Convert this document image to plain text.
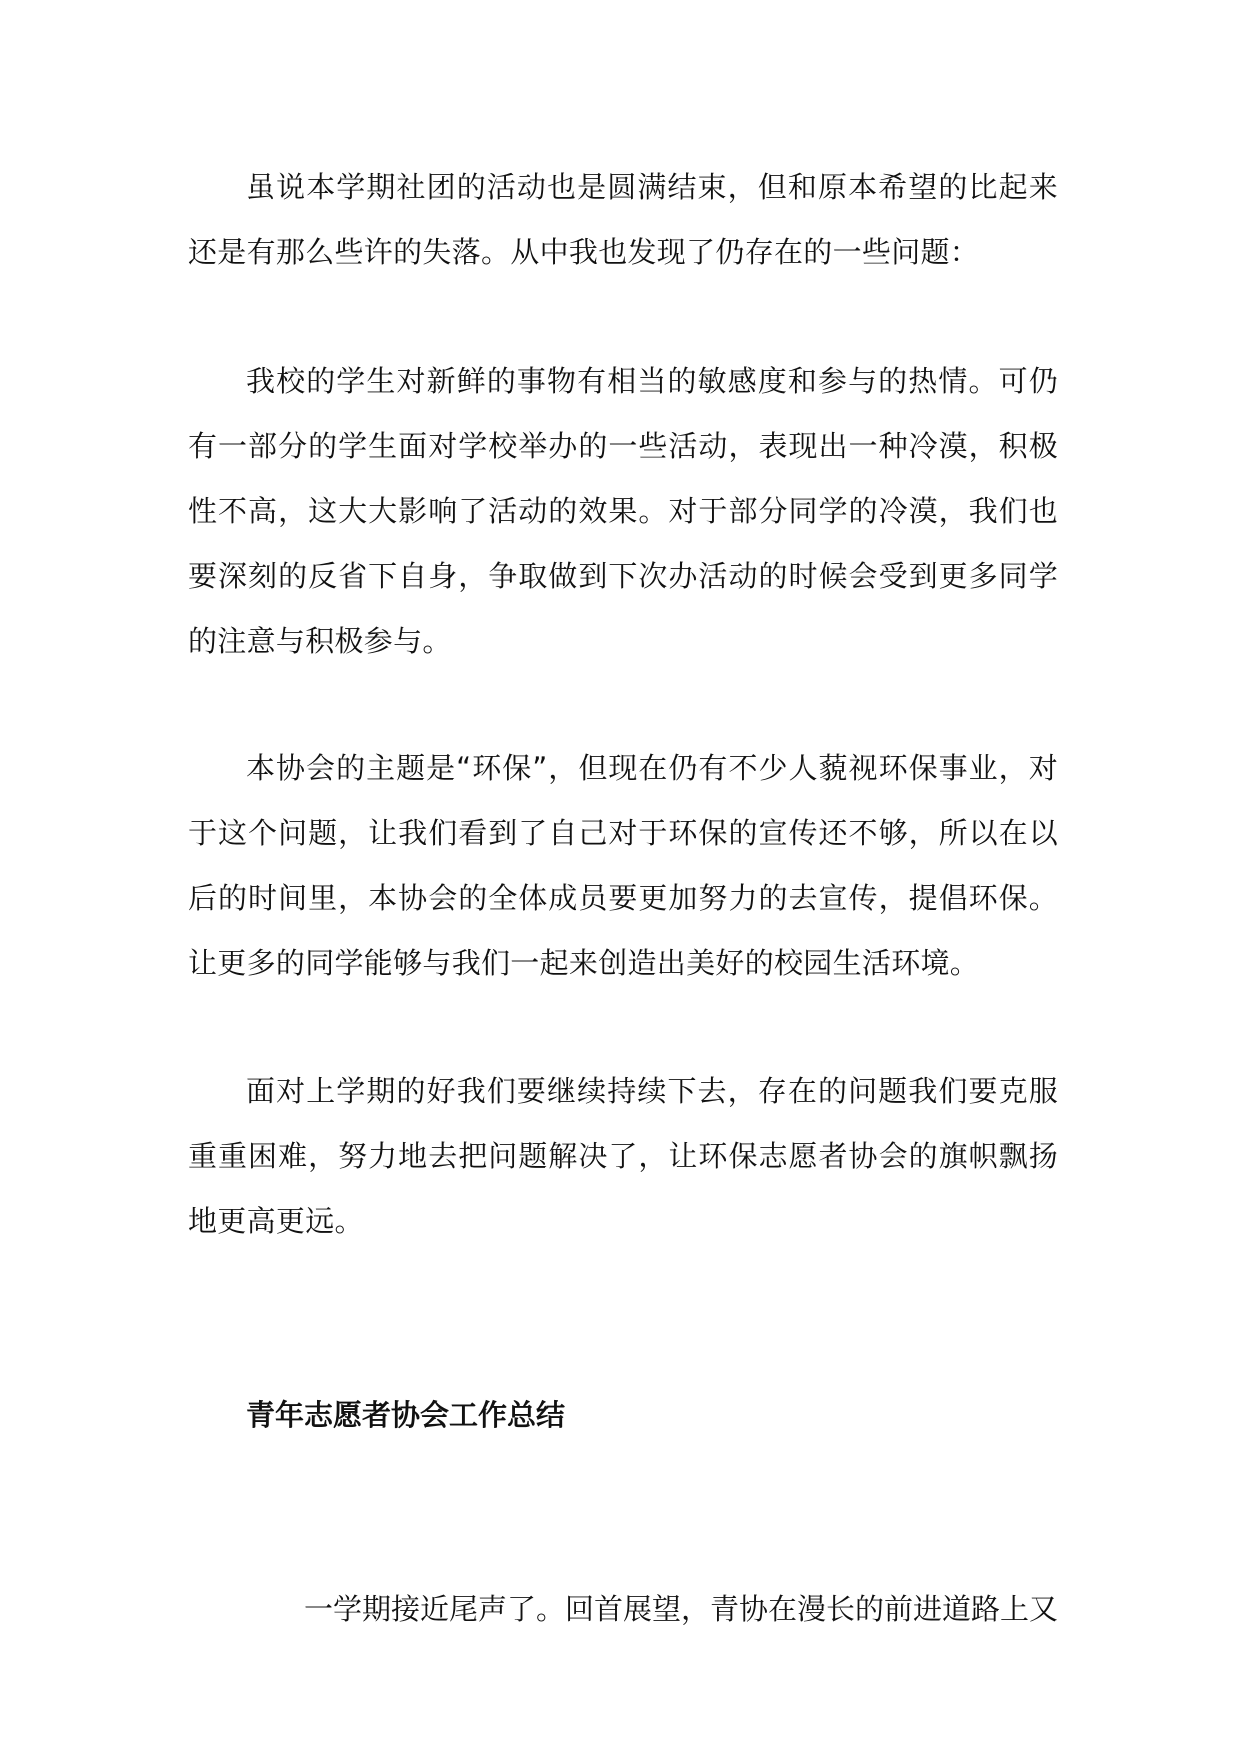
虽说本学期社团的活动也是圆满结束，但和原本希望的比起来还是有那么些许的失落。从中我也发现了仍存在的一些问题：

我校的学生对新鲜的事物有相当的敏感度和参与的热情。可仍有一部分的学生面对学校举办的一些活动，表现出一种冷漠，积极性不高，这大大影响了活动的效果。对于部分同学的冷漠，我们也要深刻的反省下自身，争取做到下次办活动的时候会受到更多同学的注意与积极参与。

本协会的主题是“环保”，但现在仍有不少人藐视环保事业，对于这个问题，让我们看到了自己对于环保的宣传还不够，所以在以后的时间里，本协会的全体成员要更加努力的去宣传，提倡环保。让更多的同学能够与我们一起来创造出美好的校园生活环境。

面对上学期的好我们要继续持续下去，存在的问题我们要克服重重困难，努力地去把问题解决了，让环保志愿者协会的旗帜飘扬地更高更远。

青年志愿者协会工作总结

一学期接近尾声了。回首展望，青协在漫长的前进道路上又
